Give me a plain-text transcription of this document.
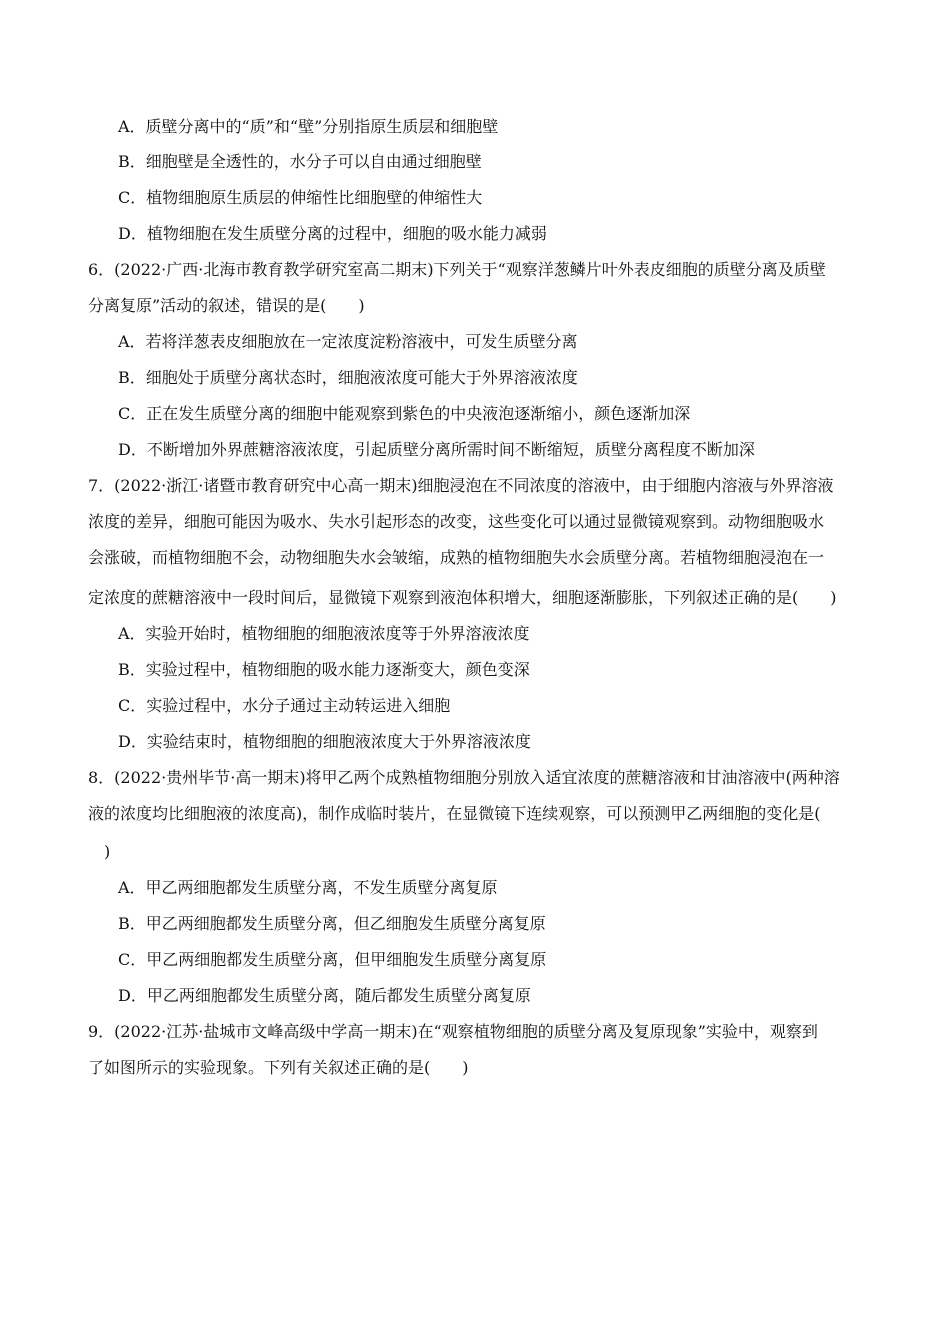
A．质壁分离中的“质”和“壁”分别指原生质层和细胞壁
B．细胞壁是全透性的，水分子可以自由通过细胞壁
C．植物细胞原生质层的伸缩性比细胞壁的伸缩性大
D．植物细胞在发生质壁分离的过程中，细胞的吸水能力减弱
6．(2022·广西·北海市教育教学研究室高二期末)下列关于“观察洋葱鳞片叶外表皮细胞的质壁分离及质壁
分离复原”活动的叙述，错误的是(　　)
A．若将洋葱表皮细胞放在一定浓度淀粉溶液中，可发生质壁分离
B．细胞处于质壁分离状态时，细胞液浓度可能大于外界溶液浓度
C．正在发生质壁分离的细胞中能观察到紫色的中央液泡逐渐缩小，颜色逐渐加深
D．不断增加外界蔗糖溶液浓度，引起质壁分离所需时间不断缩短，质壁分离程度不断加深
7．(2022·浙江·诸暨市教育研究中心高一期末)细胞浸泡在不同浓度的溶液中，由于细胞内溶液与外界溶液
浓度的差异，细胞可能因为吸水、失水引起形态的改变，这些变化可以通过显微镜观察到。动物细胞吸水
会涨破，而植物细胞不会，动物细胞失水会皱缩，成熟的植物细胞失水会质壁分离。若植物细胞浸泡在一
定浓度的蔗糖溶液中一段时间后，显微镜下观察到液泡体积增大，细胞逐渐膨胀，下列叙述正确的是(　　)
A．实验开始时，植物细胞的细胞液浓度等于外界溶液浓度
B．实验过程中，植物细胞的吸水能力逐渐变大，颜色变深
C．实验过程中，水分子通过主动转运进入细胞
D．实验结束时，植物细胞的细胞液浓度大于外界溶液浓度
8．(2022·贵州毕节·高一期末)将甲乙两个成熟植物细胞分别放入适宜浓度的蔗糖溶液和甘油溶液中(两种溶
液的浓度均比细胞液的浓度高)，制作成临时装片，在显微镜下连续观察，可以预测甲乙两细胞的变化是(
)
A．甲乙两细胞都发生质壁分离，不发生质壁分离复原
B．甲乙两细胞都发生质壁分离，但乙细胞发生质壁分离复原
C．甲乙两细胞都发生质壁分离，但甲细胞发生质壁分离复原
D．甲乙两细胞都发生质壁分离，随后都发生质壁分离复原
9．(2022·江苏·盐城市文峰高级中学高一期末)在“观察植物细胞的质壁分离及复原现象”实验中，观察到
了如图所示的实验现象。下列有关叙述正确的是(　　)
